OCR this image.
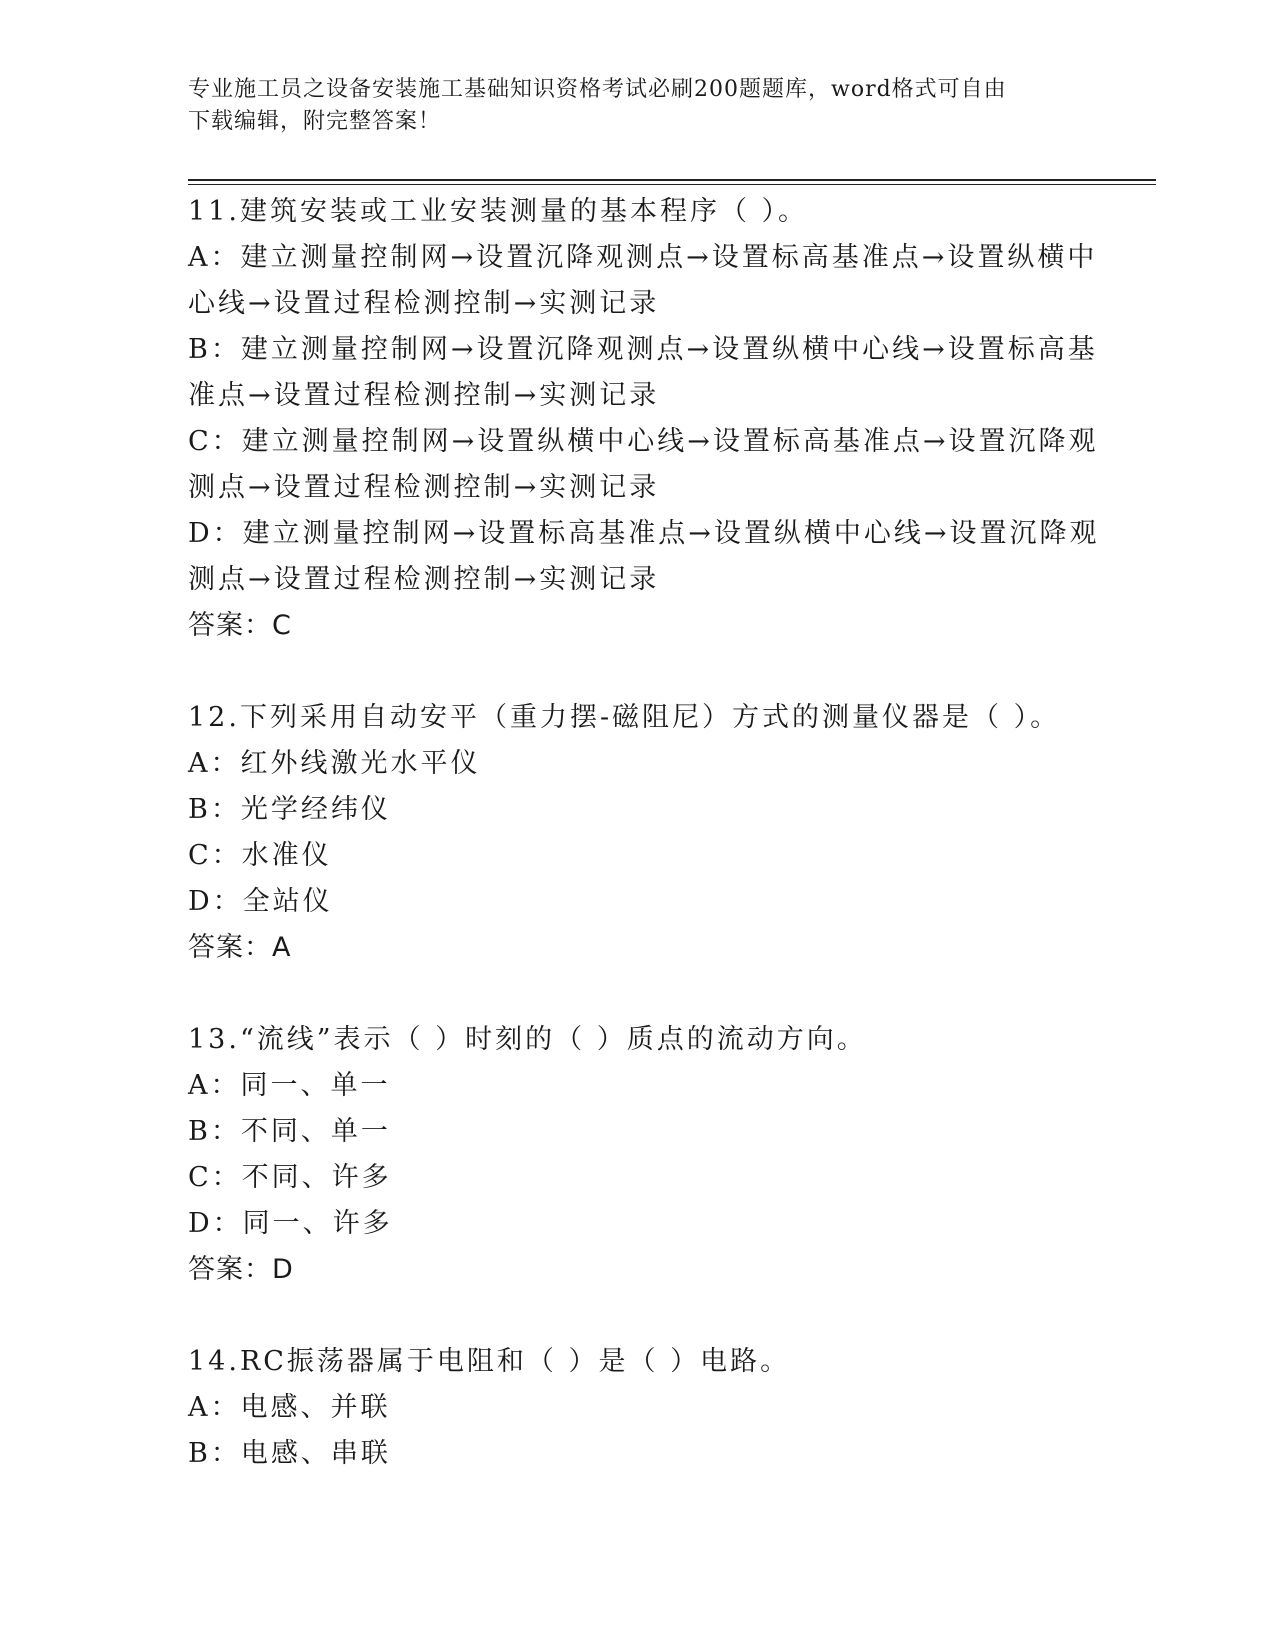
专业施工员之设备安装施工基础知识资格考试必刷200题题库，word格式可自由
下载编辑，附完整答案！
11.建筑安装或工业安装测量的基本程序（ ）。
A：建立测量控制网→设置沉降观测点→设置标高基准点→设置纵横中
心线→设置过程检测控制→实测记录
B：建立测量控制网→设置沉降观测点→设置纵横中心线→设置标高基
准点→设置过程检测控制→实测记录
C：建立测量控制网→设置纵横中心线→设置标高基准点→设置沉降观
测点→设置过程检测控制→实测记录
D：建立测量控制网→设置标高基准点→设置纵横中心线→设置沉降观
测点→设置过程检测控制→实测记录
答案：C
12.下列采用自动安平（重力摆-磁阻尼）方式的测量仪器是（ ）。
A：红外线激光水平仪
B：光学经纬仪
C：水准仪
D：全站仪
答案：A
13.“流线”表示（ ）时刻的（ ）质点的流动方向。
A：同一、单一
B：不同、单一
C：不同、许多
D：同一、许多
答案：D
14.RC振荡器属于电阻和（ ）是（ ）电路。
A：电感、并联
B：电感、串联
